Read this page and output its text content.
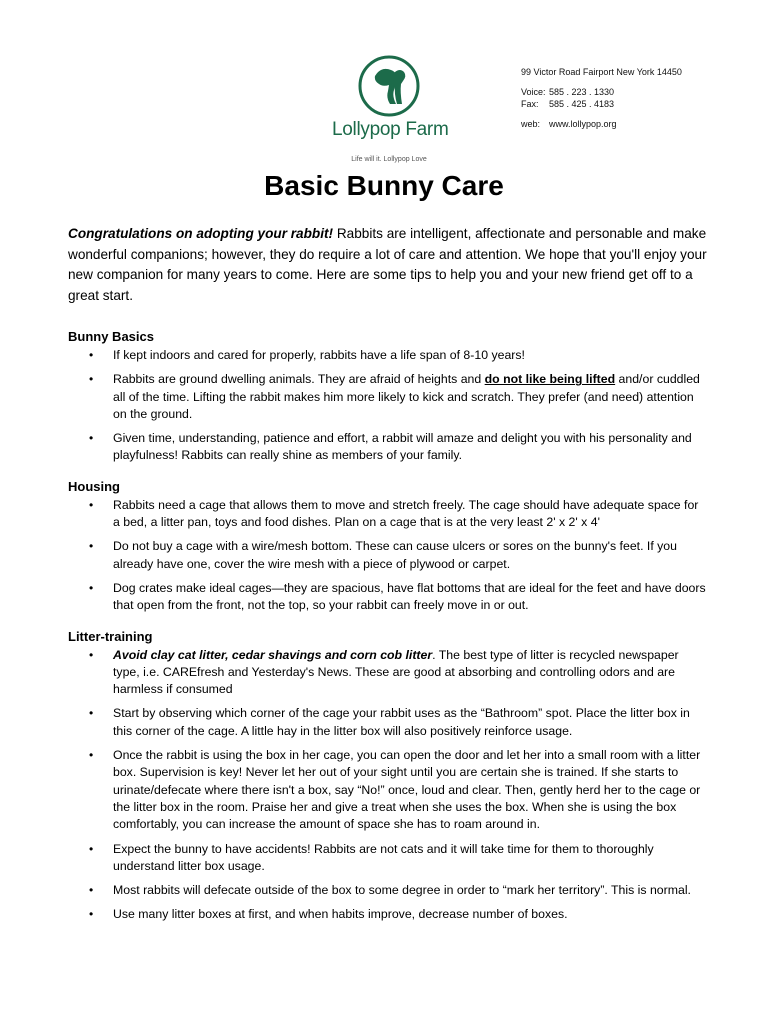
Lollypop Farm
Life will it. Lollypop Love
99 Victor Road Fairport New York 14450
Voice: 585 . 223 . 1330
Fax:	585 . 425 . 4183
web: www.lollypop.org
Basic Bunny Care

Congratulations on adopting your rabbit! Rabbits are intelligent, affectionate and personable and make wonderful companions; however, they do require a lot of care and attention. We hope that you'll enjoy your new companion for many years to come. Here are some tips to help you and your new friend get off to a great start.

Bunny Basics
• If kept indoors and cared for properly, rabbits have a life span of 8-10 years!
• Rabbits are ground dwelling animals. They are afraid of heights and do not like being lifted and/or cuddled all of the time. Lifting the rabbit makes him more likely to kick and scratch. They prefer (and need) attention on the ground.
• Given time, understanding, patience and effort, a rabbit will amaze and delight you with his personality and playfulness! Rabbits can really shine as members of your family.
Housing
• Rabbits need a cage that allows them to move and stretch freely. The cage should have adequate space for a bed, a litter pan, toys and food dishes. Plan on a cage that is at the very least 2' x 2' x 4'
• Do not buy a cage with a wire/mesh bottom. These can cause ulcers or sores on the bunny's feet. If you already have one, cover the wire mesh with a piece of plywood or carpet.
• Dog crates make ideal cages—they are spacious, have flat bottoms that are ideal for the feet and have doors that open from the front, not the top, so your rabbit can freely move in or out.
Litter-training
• Avoid clay cat litter, cedar shavings and corn cob litter. The best type of litter is recycled newspaper type, i.e. CAREfresh and Yesterday's News. These are good at absorbing and controlling odors and are harmless if consumed
• Start by observing which corner of the cage your rabbit uses as the “Bathroom” spot. Place the litter box in this corner of the cage. A little hay in the litter box will also positively reinforce usage.
• Once the rabbit is using the box in her cage, you can open the door and let her into a small room with a litter box. Supervision is key! Never let her out of your sight until you are certain she is trained. If she starts to urinate/defecate where there isn't a box, say “No!” once, loud and clear. Then, gently herd her to the cage or the litter box in the room. Praise her and give a treat when she uses the box. When she is using the box comfortably, you can increase the amount of space she has to roam around in.
• Expect the bunny to have accidents! Rabbits are not cats and it will take time for them to thoroughly understand litter box usage.
• Most rabbits will defecate outside of the box to some degree in order to “mark her territory”. This is normal.
• Use many litter boxes at first, and when habits improve, decrease number of boxes.
